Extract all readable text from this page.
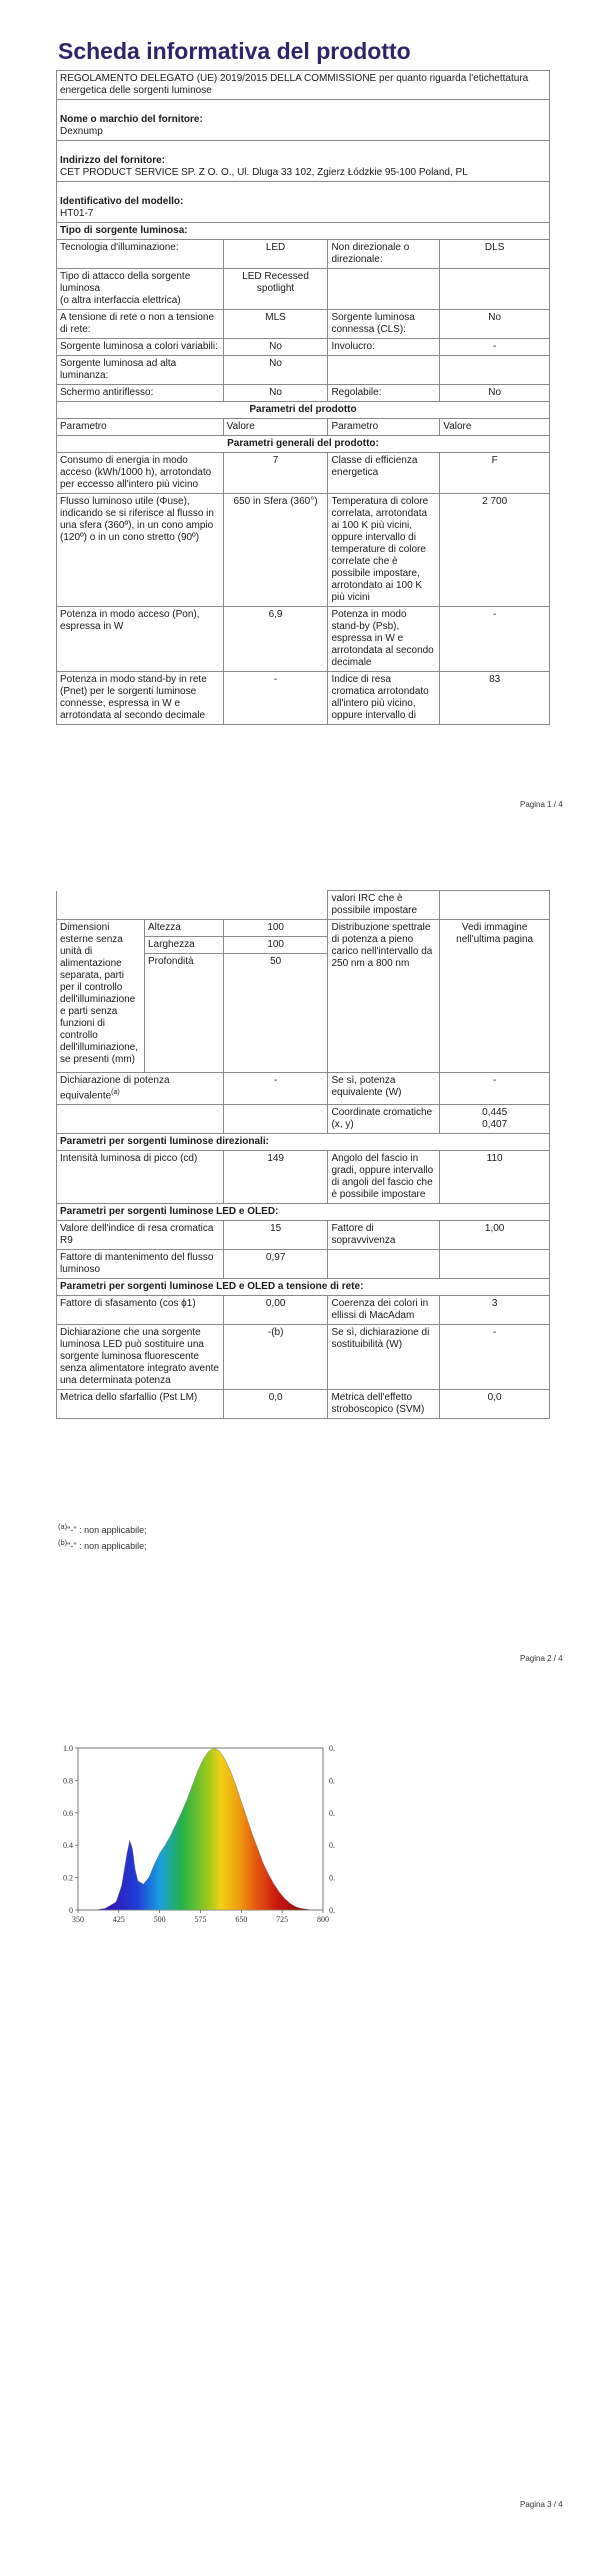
Scheda informativa del prodotto
REGOLAMENTO DELEGATO (UE) 2019/2015 DELLA COMMISSIONE per quanto riguarda l'etichettatura energetica delle sorgenti luminose			

Nome o marchio del fornitore:
Dexnump			

Indirizzo del fornitore:
CET PRODUCT SERVICE SP. Z O. O., Ul. Dluga 33 102, Zgierz Łódzkie 95-100 Poland, PL			

Identificativo del modello:
HT01-7			
Tipo di sorgente luminosa:			
Tecnologia d'illuminazione:	LED	Non direzionale o direzionale:	DLS
Tipo di attacco della sorgente luminosa
(o altra interfaccia elettrica)	LED Recessed spotlight		
A tensione di rete o non a tensione di rete:	MLS	Sorgente luminosa connessa (CLS):	No
Sorgente luminosa a colori variabili:	No	Involucro:	-
Sorgente luminosa ad alta luminanza:	No		
Schermo antiriflesso:	No	Regolabile:	No
Parametri del prodotto			
Parametro	Valore	Parametro	Valore
Parametri generali del prodotto:			
Consumo di energia in modo acceso (kWh/1000 h), arrotondato per eccesso all'intero più vicino	7	Classe di efficienza energetica	F
Flusso luminoso utile (Φuse), indicando se si riferisce al flusso in una sfera (360º), in un cono ampio (120º) o in un cono stretto (90º)	650 in Sfera (360°)	Temperatura di colore correlata, arrotondata ai 100 K più vicini, oppure intervallo di temperature di colore correlate che è possibile impostare, arrotondato ai 100 K più vicini	2 700
Potenza in modo acceso (Pon), espressa in W	6,9	Potenza in modo stand-by (Psb), espressa in W e arrotondata al secondo decimale	-
Potenza in modo stand-by in rete (Pnet) per le sorgenti luminose connesse, espressa in W e arrotondata al secondo decimale	-	Indice di resa cromatica arrotondato all'intero più vicino, oppure intervallo di	83
Pagina 1 / 4
			valori IRC che è possibile impostare	
Dimensioni esterne senza unità di alimentazione separata, parti per il controllo dell'illuminazione e parti senza funzioni di controllo dell'illuminazione, se presenti (mm)	Altezza	100	Distribuzione spettrale di potenza a pieno carico nell'intervallo da 250 nm a 800 nm	Vedi immagine nell'ultima pagina
	Larghezza	100		
	Profondità	50		

Dichiarazione di potenza equivalente$^{(a)}$		-	Se sì, potenza equivalente (W)	-
			Coordinate cromatiche (x, y)	0,445
0,407
Parametri per sorgenti luminose direzionali:				
Intensità luminosa di picco (cd)		149	Angolo del fascio in gradi, oppure intervallo di angoli del fascio che è possibile impostare	110
Parametri per sorgenti luminose LED e OLED:				
Valore dell'indice di resa cromatica R9		15	Fattore di sopravvivenza	1,00
Fattore di mantenimento del flusso luminoso		0,97		
Parametri per sorgenti luminose LED e OLED a tensione di rete:				
Fattore di sfasamento (cos ϕ1)		0,00	Coerenza dei colori in ellissi di MacAdam	3
Dichiarazione che una sorgente luminosa LED può sostituire una sorgente luminosa fluorescente senza alimentatore integrato avente una determinata potenza		-(b)	Se sì, dichiarazione di sostituibilità (W)	-
Metrica dello sfarfallio (Pst LM)		0,0	Metrica dell'effetto stroboscopico (SVM)	0,0
$^{(a)}$"-" : non applicabile;
$^{(b)}$"-" : non applicabile;
Pagina 2 / 4
350	425	500	575	650	725	800
0	0.
0.2	0.
0.4	0.
0.6	0.
0.8	0.
1.0	0.
Pagina 3 / 4
